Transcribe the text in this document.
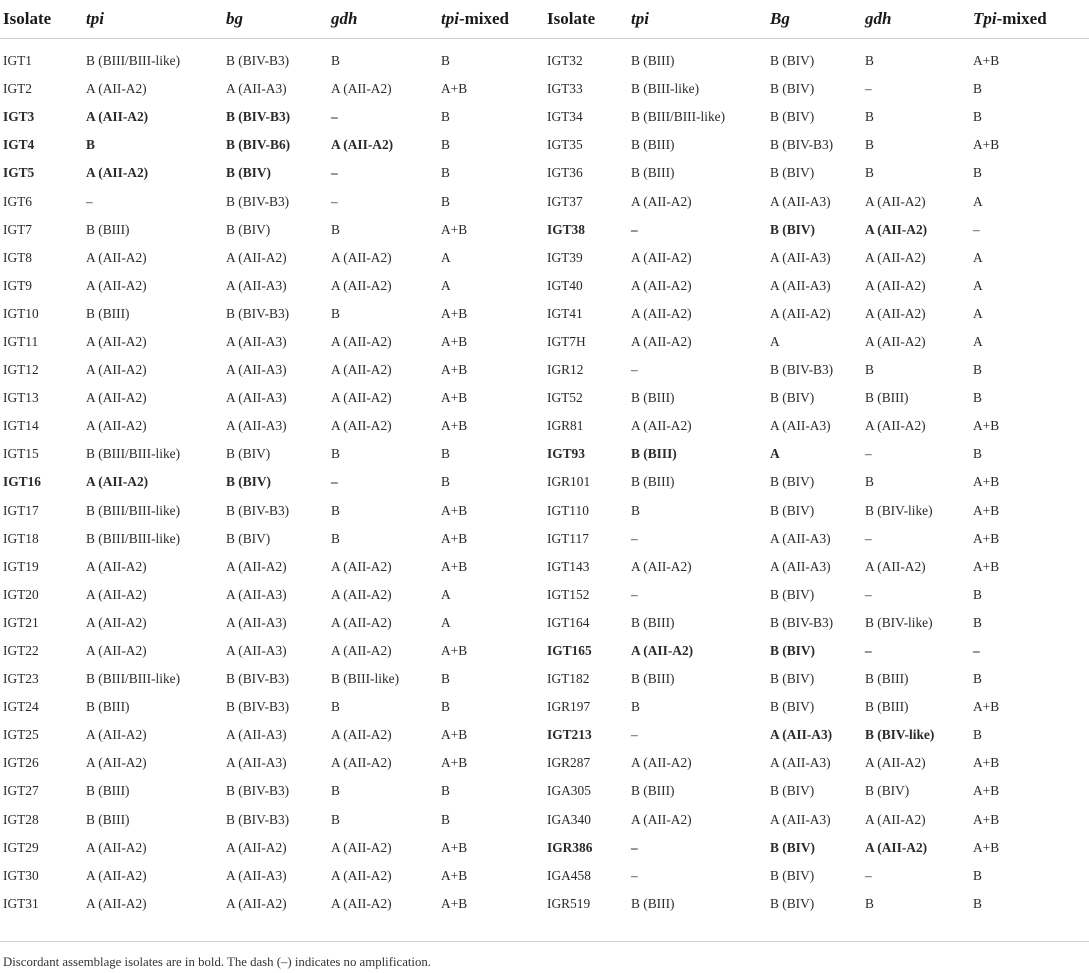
Isolate	tpi	bg	gdh	tpi-mixed	Isolate	tpi	Bg	gdh	Tpi-mixed
IGT1	B (BIII/BIII-like)	B (BIV-B3)	B	B	IGT32	B (BIII)	B (BIV)	B	A+B
IGT2	A (AII-A2)	A (AII-A3)	A (AII-A2)	A+B	IGT33	B (BIII-like)	B (BIV)	–	B
IGT3	A (AII-A2)	B (BIV-B3)	–	B	IGT34	B (BIII/BIII-like)	B (BIV)	B	B
IGT4	B	B (BIV-B6)	A (AII-A2)	B	IGT35	B (BIII)	B (BIV-B3)	B	A+B
IGT5	A (AII-A2)	B (BIV)	–	B	IGT36	B (BIII)	B (BIV)	B	B
IGT6	–	B (BIV-B3)	–	B	IGT37	A (AII-A2)	A (AII-A3)	A (AII-A2)	A
IGT7	B (BIII)	B (BIV)	B	A+B	IGT38	–	B (BIV)	A (AII-A2)	–
IGT8	A (AII-A2)	A (AII-A2)	A (AII-A2)	A	IGT39	A (AII-A2)	A (AII-A3)	A (AII-A2)	A
IGT9	A (AII-A2)	A (AII-A3)	A (AII-A2)	A	IGT40	A (AII-A2)	A (AII-A3)	A (AII-A2)	A
IGT10	B (BIII)	B (BIV-B3)	B	A+B	IGT41	A (AII-A2)	A (AII-A2)	A (AII-A2)	A
IGT11	A (AII-A2)	A (AII-A3)	A (AII-A2)	A+B	IGT7H	A (AII-A2)	A	A (AII-A2)	A
IGT12	A (AII-A2)	A (AII-A3)	A (AII-A2)	A+B	IGR12	–	B (BIV-B3)	B	B
IGT13	A (AII-A2)	A (AII-A3)	A (AII-A2)	A+B	IGT52	B (BIII)	B (BIV)	B (BIII)	B
IGT14	A (AII-A2)	A (AII-A3)	A (AII-A2)	A+B	IGR81	A (AII-A2)	A (AII-A3)	A (AII-A2)	A+B
IGT15	B (BIII/BIII-like)	B (BIV)	B	B	IGT93	B (BIII)	A	–	B
IGT16	A (AII-A2)	B (BIV)	–	B	IGR101	B (BIII)	B (BIV)	B	A+B
IGT17	B (BIII/BIII-like)	B (BIV-B3)	B	A+B	IGT110	B	B (BIV)	B (BIV-like)	A+B
IGT18	B (BIII/BIII-like)	B (BIV)	B	A+B	IGT117	–	A (AII-A3)	–	A+B
IGT19	A (AII-A2)	A (AII-A2)	A (AII-A2)	A+B	IGT143	A (AII-A2)	A (AII-A3)	A (AII-A2)	A+B
IGT20	A (AII-A2)	A (AII-A3)	A (AII-A2)	A	IGT152	–	B (BIV)	–	B
IGT21	A (AII-A2)	A (AII-A3)	A (AII-A2)	A	IGT164	B (BIII)	B (BIV-B3)	B (BIV-like)	B
IGT22	A (AII-A2)	A (AII-A3)	A (AII-A2)	A+B	IGT165	A (AII-A2)	B (BIV)	–	–
IGT23	B (BIII/BIII-like)	B (BIV-B3)	B (BIII-like)	B	IGT182	B (BIII)	B (BIV)	B (BIII)	B
IGT24	B (BIII)	B (BIV-B3)	B	B	IGR197	B	B (BIV)	B (BIII)	A+B
IGT25	A (AII-A2)	A (AII-A3)	A (AII-A2)	A+B	IGT213	–	A (AII-A3)	B (BIV-like)	B
IGT26	A (AII-A2)	A (AII-A3)	A (AII-A2)	A+B	IGR287	A (AII-A2)	A (AII-A3)	A (AII-A2)	A+B
IGT27	B (BIII)	B (BIV-B3)	B	B	IGA305	B (BIII)	B (BIV)	B (BIV)	A+B
IGT28	B (BIII)	B (BIV-B3)	B	B	IGA340	A (AII-A2)	A (AII-A3)	A (AII-A2)	A+B
IGT29	A (AII-A2)	A (AII-A2)	A (AII-A2)	A+B	IGR386	–	B (BIV)	A (AII-A2)	A+B
IGT30	A (AII-A2)	A (AII-A3)	A (AII-A2)	A+B	IGA458	–	B (BIV)	–	B
IGT31	A (AII-A2)	A (AII-A2)	A (AII-A2)	A+B	IGR519	B (BIII)	B (BIV)	B	B
Discordant assemblage isolates are in bold. The dash (–) indicates no amplification.
